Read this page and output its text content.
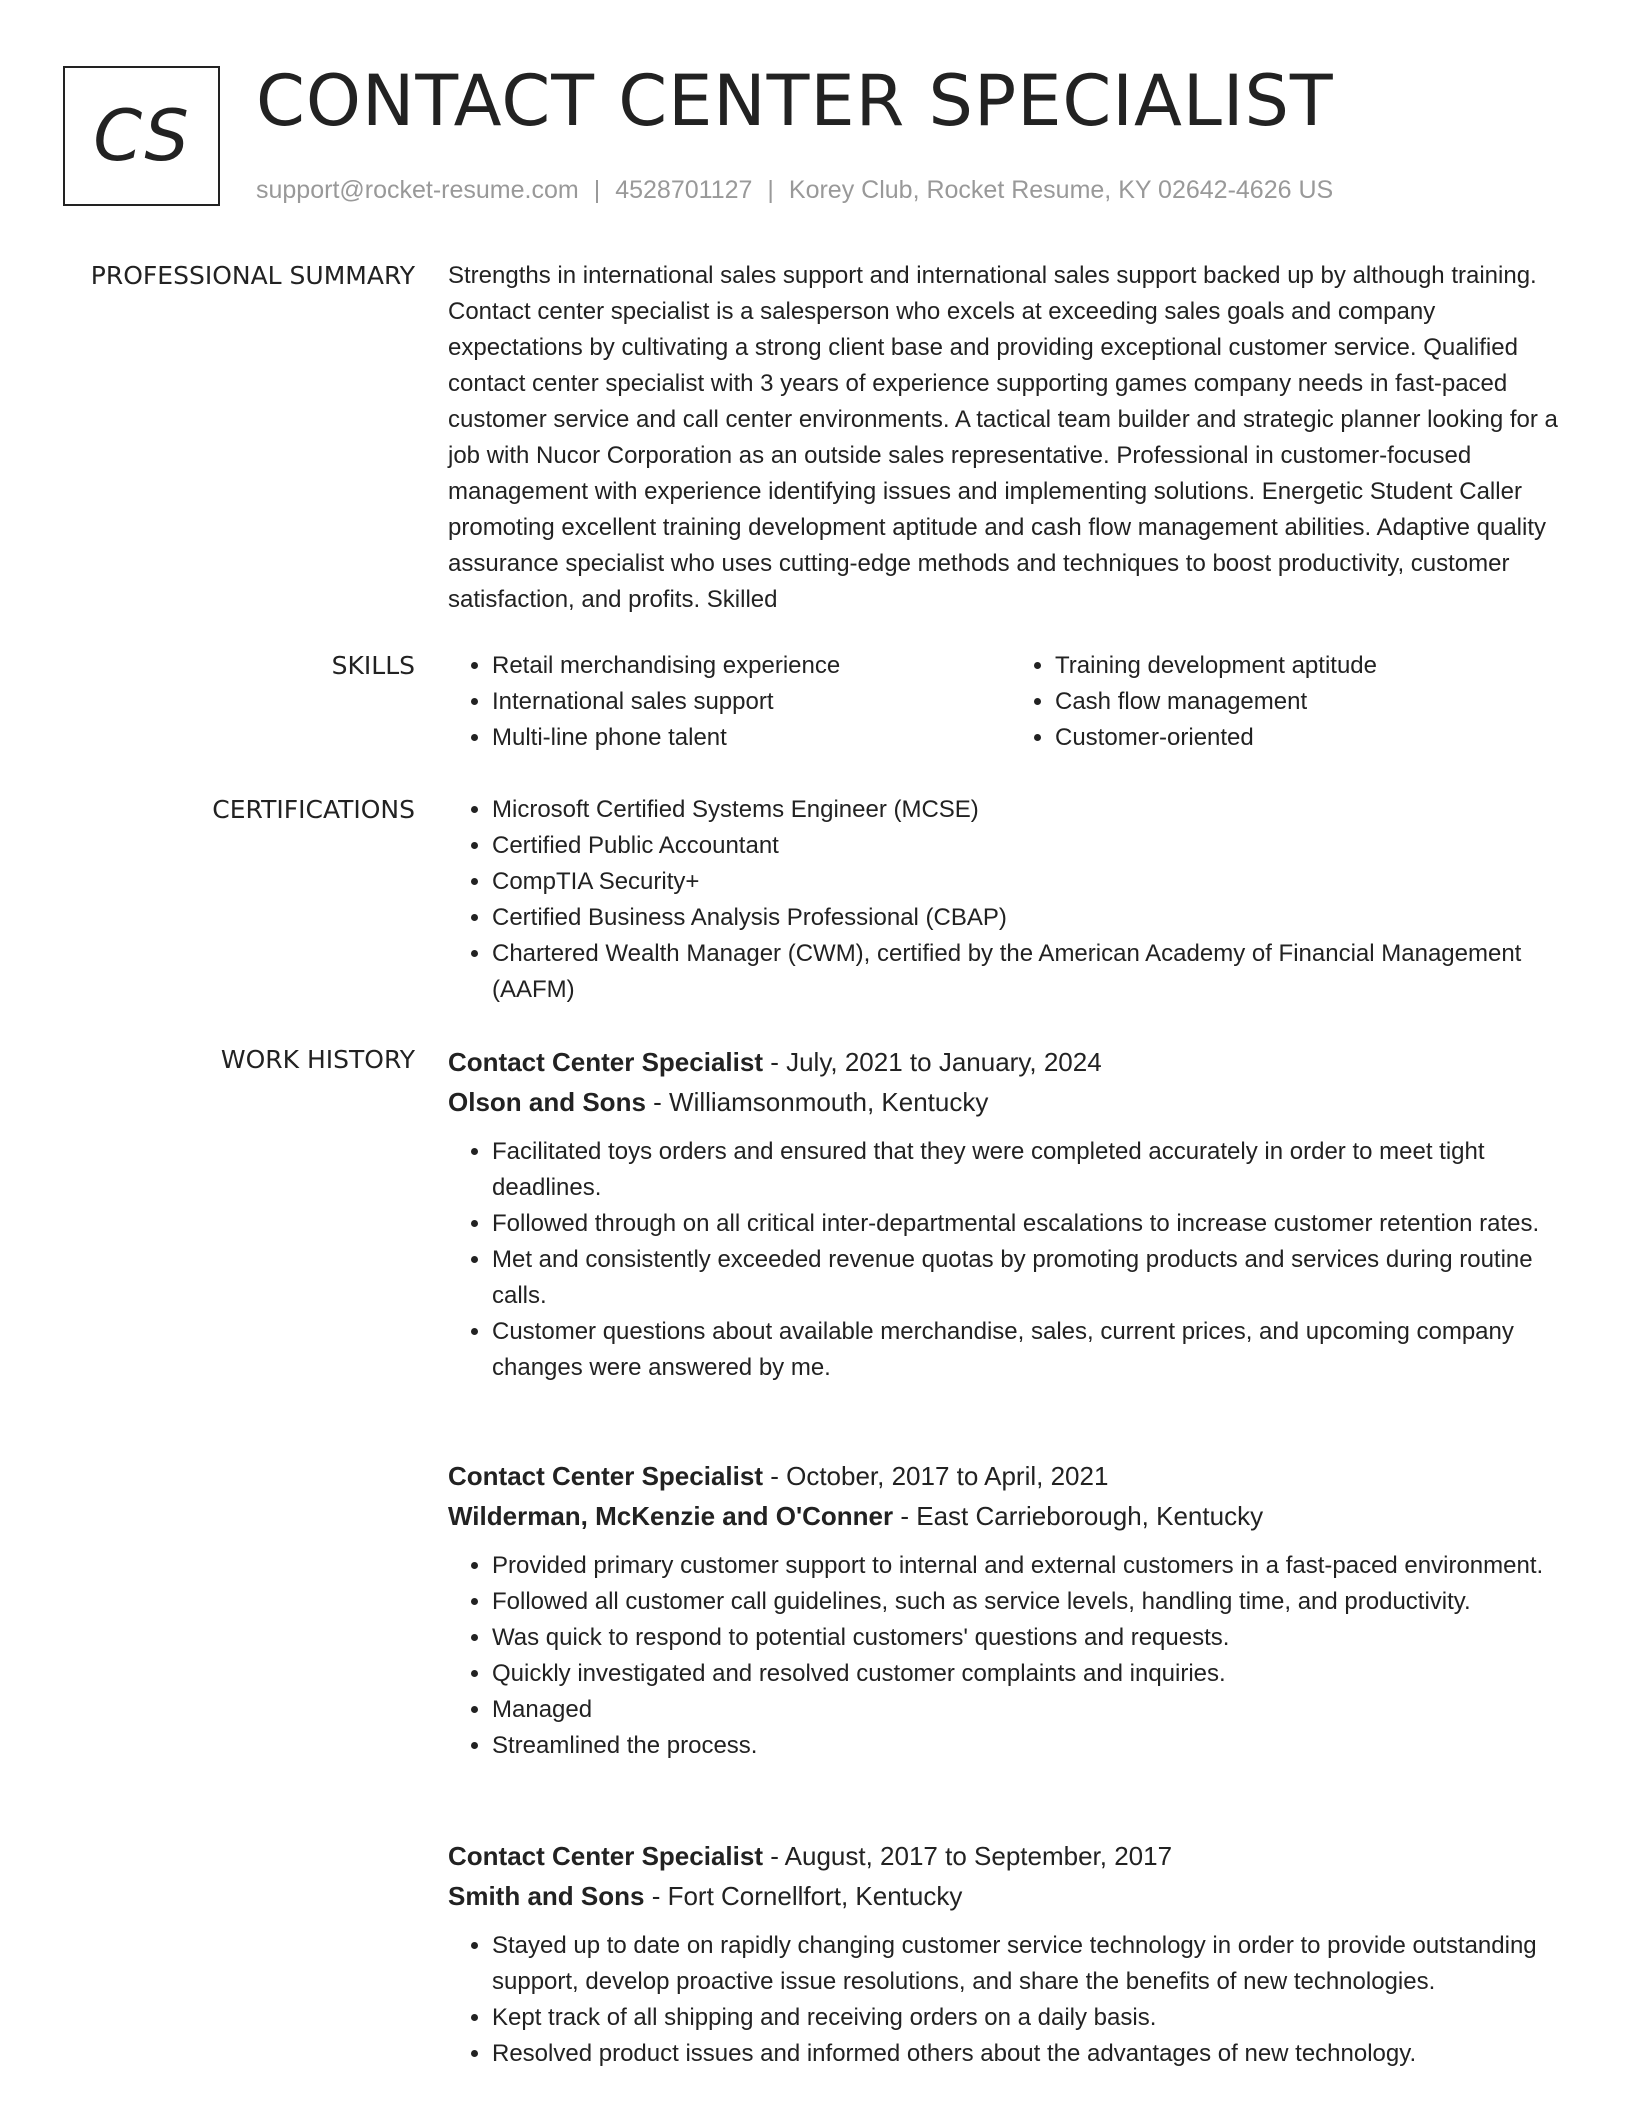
CS CONTACT CENTER SPECIALIST
support@rocket-resume.com | 4528701127 | Korey Club, Rocket Resume, KY 02642-4626 US
PROFESSIONAL SUMMARY Strengths in international sales support and international sales support backed up by although training. Contact center specialist is a salesperson who excels at exceeding sales goals and company expectations by cultivating a strong client base and providing exceptional customer service. Qualified contact center specialist with 3 years of experience supporting games company needs in fast-paced customer service and call center environments. A tactical team builder and strategic planner looking for a job with Nucor Corporation as an outside sales representative. Professional in customer-focused management with experience identifying issues and implementing solutions. Energetic Student Caller promoting excellent training development aptitude and cash flow management abilities. Adaptive quality assurance specialist who uses cutting-edge methods and techniques to boost productivity, customer satisfaction, and profits. Skilled

SKILLS	• Retail merchandising experience
• International sales support
• Multi-line phone talent
• Training development aptitude
• Cash flow management
• Customer-oriented
CERTIFICATIONS	• Microsoft Certified Systems Engineer (MCSE)
• Certified Public Accountant
• CompTIA Security+
• Certified Business Analysis Professional (CBAP)
• Chartered Wealth Manager (CWM), certified by the American Academy of Financial Management (AAFM)
WORK HISTORY Contact Center Specialist - July, 2021 to January, 2024
Olson and Sons - Williamsonmouth, Kentucky
• Facilitated toys orders and ensured that they were completed accurately in order to meet tight deadlines.
• Followed through on all critical inter-departmental escalations to increase customer retention rates.
• Met and consistently exceeded revenue quotas by promoting products and services during routine calls.
• Customer questions about available merchandise, sales, current prices, and upcoming company changes were answered by me.
Contact Center Specialist - October, 2017 to April, 2021
Wilderman, McKenzie and O'Conner - East Carrieborough, Kentucky
• Provided primary customer support to internal and external customers in a fast-paced environment.
• Followed all customer call guidelines, such as service levels, handling time, and productivity.
• Was quick to respond to potential customers' questions and requests.
• Quickly investigated and resolved customer complaints and inquiries.
• Managed
• Streamlined the process.
Contact Center Specialist - August, 2017 to September, 2017
Smith and Sons - Fort Cornellfort, Kentucky
• Stayed up to date on rapidly changing customer service technology in order to provide outstanding support, develop proactive issue resolutions, and share the benefits of new technologies.
• Kept track of all shipping and receiving orders on a daily basis.
• Resolved product issues and informed others about the advantages of new technology.
